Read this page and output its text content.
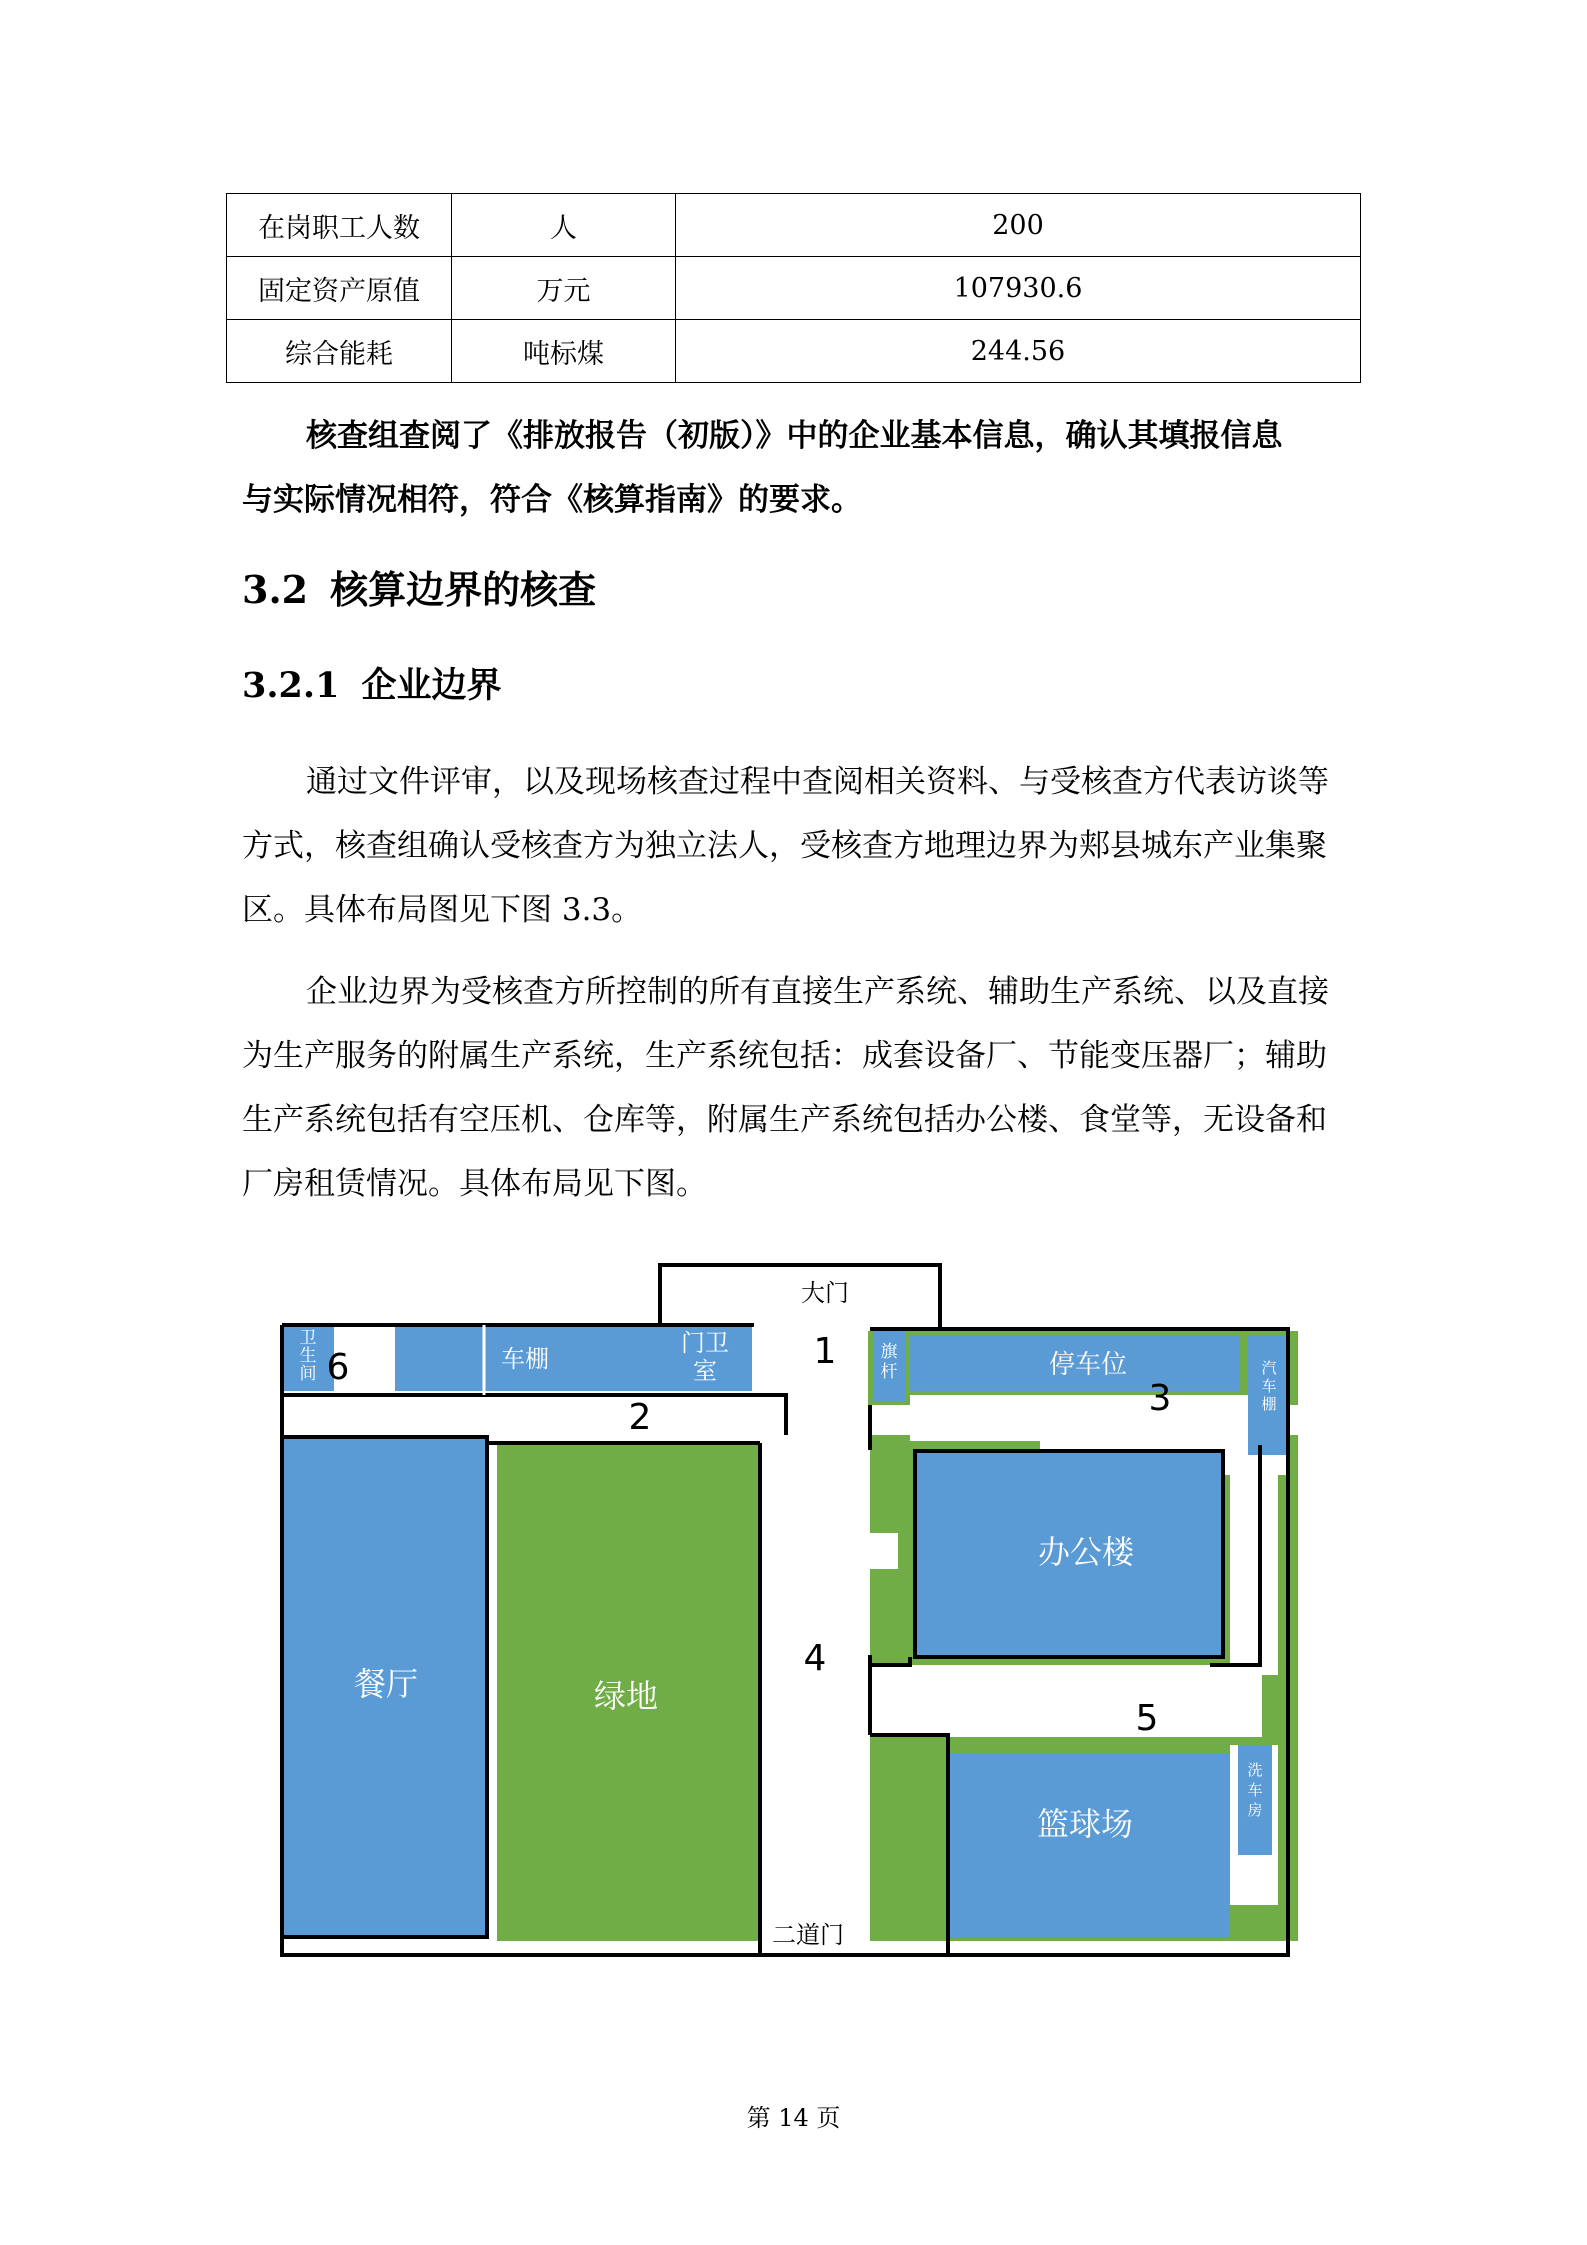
在岗职工人数	人	200
固定资产原值	万元	107930.6
综合能耗	吨标煤	244.56

核查组查阅了《排放报告（初版）》中的企业基本信息，确认其填报信息
与实际情况相符，符合《核算指南》的要求。

3.2 核算边界的核查
3.2.1 企业边界

通过文件评审，以及现场核查过程中查阅相关资料、与受核查方代表访谈等
方式，核查组确认受核查方为独立法人，受核查方地理边界为郏县城东产业集聚
区。具体布局图见下图 3.3。

企业边界为受核查方所控制的所有直接生产系统、辅助生产系统、以及直接
为生产服务的附属生产系统，生产系统包括：成套设备厂、节能变压器厂；辅助
生产系统包括有空压机、仓库等，附属生产系统包括办公楼、食堂等，无设备和
厂房租赁情况。具体布局见下图。

大门
1
2	3
4
5
6	车棚	停车位
办公楼
餐厅	绿地
篮球场
二道门
卫生间
门卫室
旗杆	汽车棚
洗车房
第 14 页
